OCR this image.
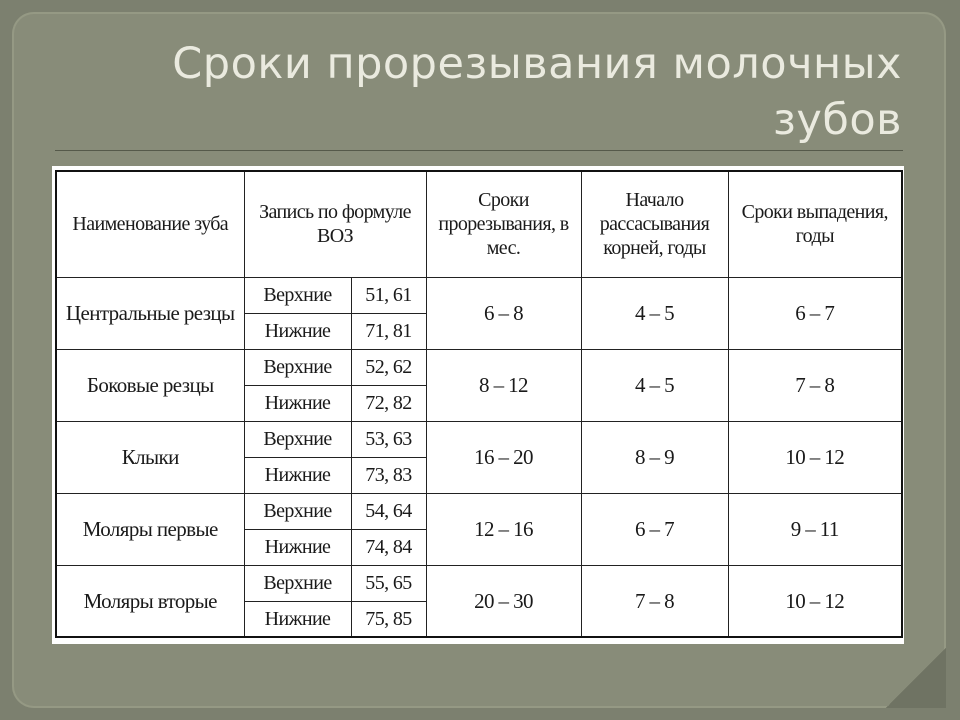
Сроки прорезывания молочных зубов
Наименование зуба	Запись по формуле ВОЗ		Сроки прорезывания, в мес.	Начало рассасывания корней, годы	Сроки выпадения, годы
Центральные резцы	Верхние	51, 61	6 – 8	4 – 5	6 – 7
	Нижние	71, 81			
Боковые резцы	Верхние	52, 62	8 – 12	4 – 5	7 – 8
	Нижние	72, 82			
Клыки	Верхние	53, 63	16 – 20	8 – 9	10 – 12
	Нижние	73, 83			
Моляры первые	Верхние	54, 64	12 – 16	6 – 7	9 – 11
	Нижние	74, 84			
Моляры вторые	Верхние	55, 65	20 – 30	7 – 8	10 – 12
	Нижние	75, 85			
